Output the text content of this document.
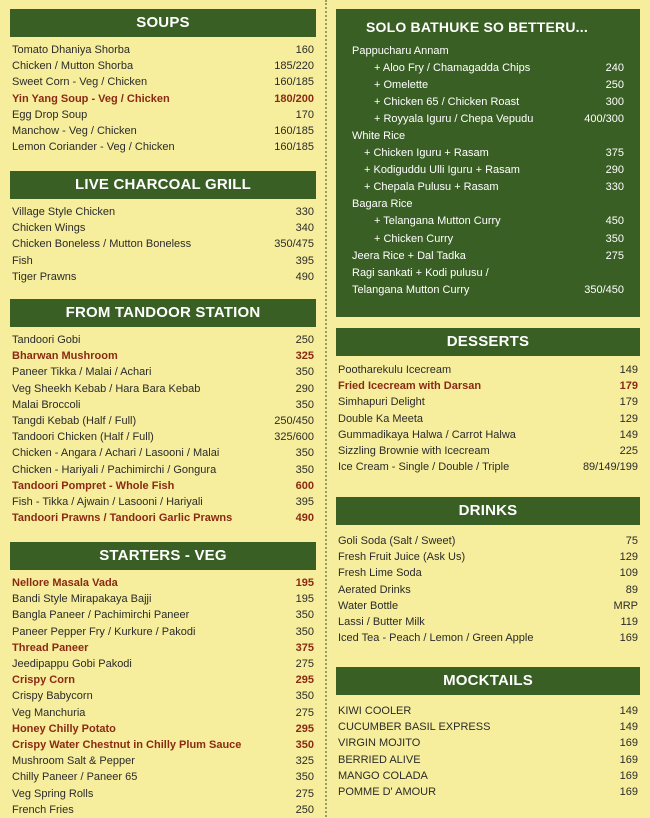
SOUPS
Tomato Dhaniya Shorba	160
Chicken / Mutton Shorba	185/220
Sweet Corn - Veg / Chicken	160/185
Yin Yang Soup - Veg / Chicken	180/200
Egg Drop Soup	170
Manchow - Veg / Chicken	160/185
Lemon Coriander - Veg / Chicken	160/185
LIVE CHARCOAL GRILL
Village Style Chicken	330
Chicken Wings	340
Chicken Boneless / Mutton Boneless	350/475
Fish	395
Tiger Prawns	490
FROM TANDOOR STATION
Tandoori Gobi	250
Bharwan Mushroom	325
Paneer Tikka / Malai / Achari	350
Veg Sheekh Kebab / Hara Bara Kebab	290
Malai Broccoli	350
Tangdi Kebab (Half / Full)	250/450
Tandoori Chicken (Half / Full)	325/600
Chicken - Angara / Achari / Lasooni / Malai	350
Chicken - Hariyali / Pachimirchi / Gongura	350
Tandoori Pompret - Whole Fish	600
Fish - Tikka / Ajwain / Lasooni / Hariyali	395
Tandoori Prawns / Tandoori Garlic Prawns	490
STARTERS - VEG
Nellore Masala Vada	195
Bandi Style Mirapakaya Bajji	195
Bangla Paneer / Pachimirchi Paneer	350
Paneer Pepper Fry / Kurkure / Pakodi	350
Thread Paneer	375
Jeedipappu Gobi Pakodi	275
Crispy Corn	295
Crispy Babycorn	350
Veg Manchuria	275
Honey Chilly Potato	295
Crispy Water Chestnut in Chilly Plum Sauce	350
Mushroom Salt & Pepper	325
Chilly Paneer / Paneer 65	350
Veg Spring Rolls	275
French Fries	250
SOLO BATHUKE SO BETTERU...
Pappucharu Annam
+ Aloo Fry / Chamagadda Chips	240
+ Omelette	250
+ Chicken 65 / Chicken Roast	300
+ Royyala Iguru / Chepa Vepudu	400/300
White Rice
+ Chicken Iguru + Rasam	375
+ Kodiguddu Ulli Iguru + Rasam	290
+ Chepala Pulusu + Rasam	330
Bagara Rice
+ Telangana Mutton Curry	450
+ Chicken Curry	350
Jeera Rice + Dal Tadka	275
Ragi sankati + Kodi pulusu /
Telangana Mutton Curry	350/450
DESSERTS
Pootharekulu Icecream	149
Fried Icecream with Darsan	179
Simhapuri Delight	179
Double Ka Meeta	129
Gummadikaya Halwa / Carrot Halwa	149
Sizzling Brownie with Icecream	225
Ice Cream - Single / Double / Triple	89/149/199
DRINKS
Goli Soda (Salt / Sweet)	75
Fresh Fruit Juice (Ask Us)	129
Fresh Lime Soda	109
Aerated Drinks	89
Water Bottle	MRP
Lassi / Butter Milk	119
Iced Tea - Peach / Lemon / Green Apple	169
MOCKTAILS
KIWI COOLER	149
CUCUMBER BASIL EXPRESS	149
VIRGIN MOJITO	169
BERRIED ALIVE	169
MANGO COLADA	169
POMME D' AMOUR	169
